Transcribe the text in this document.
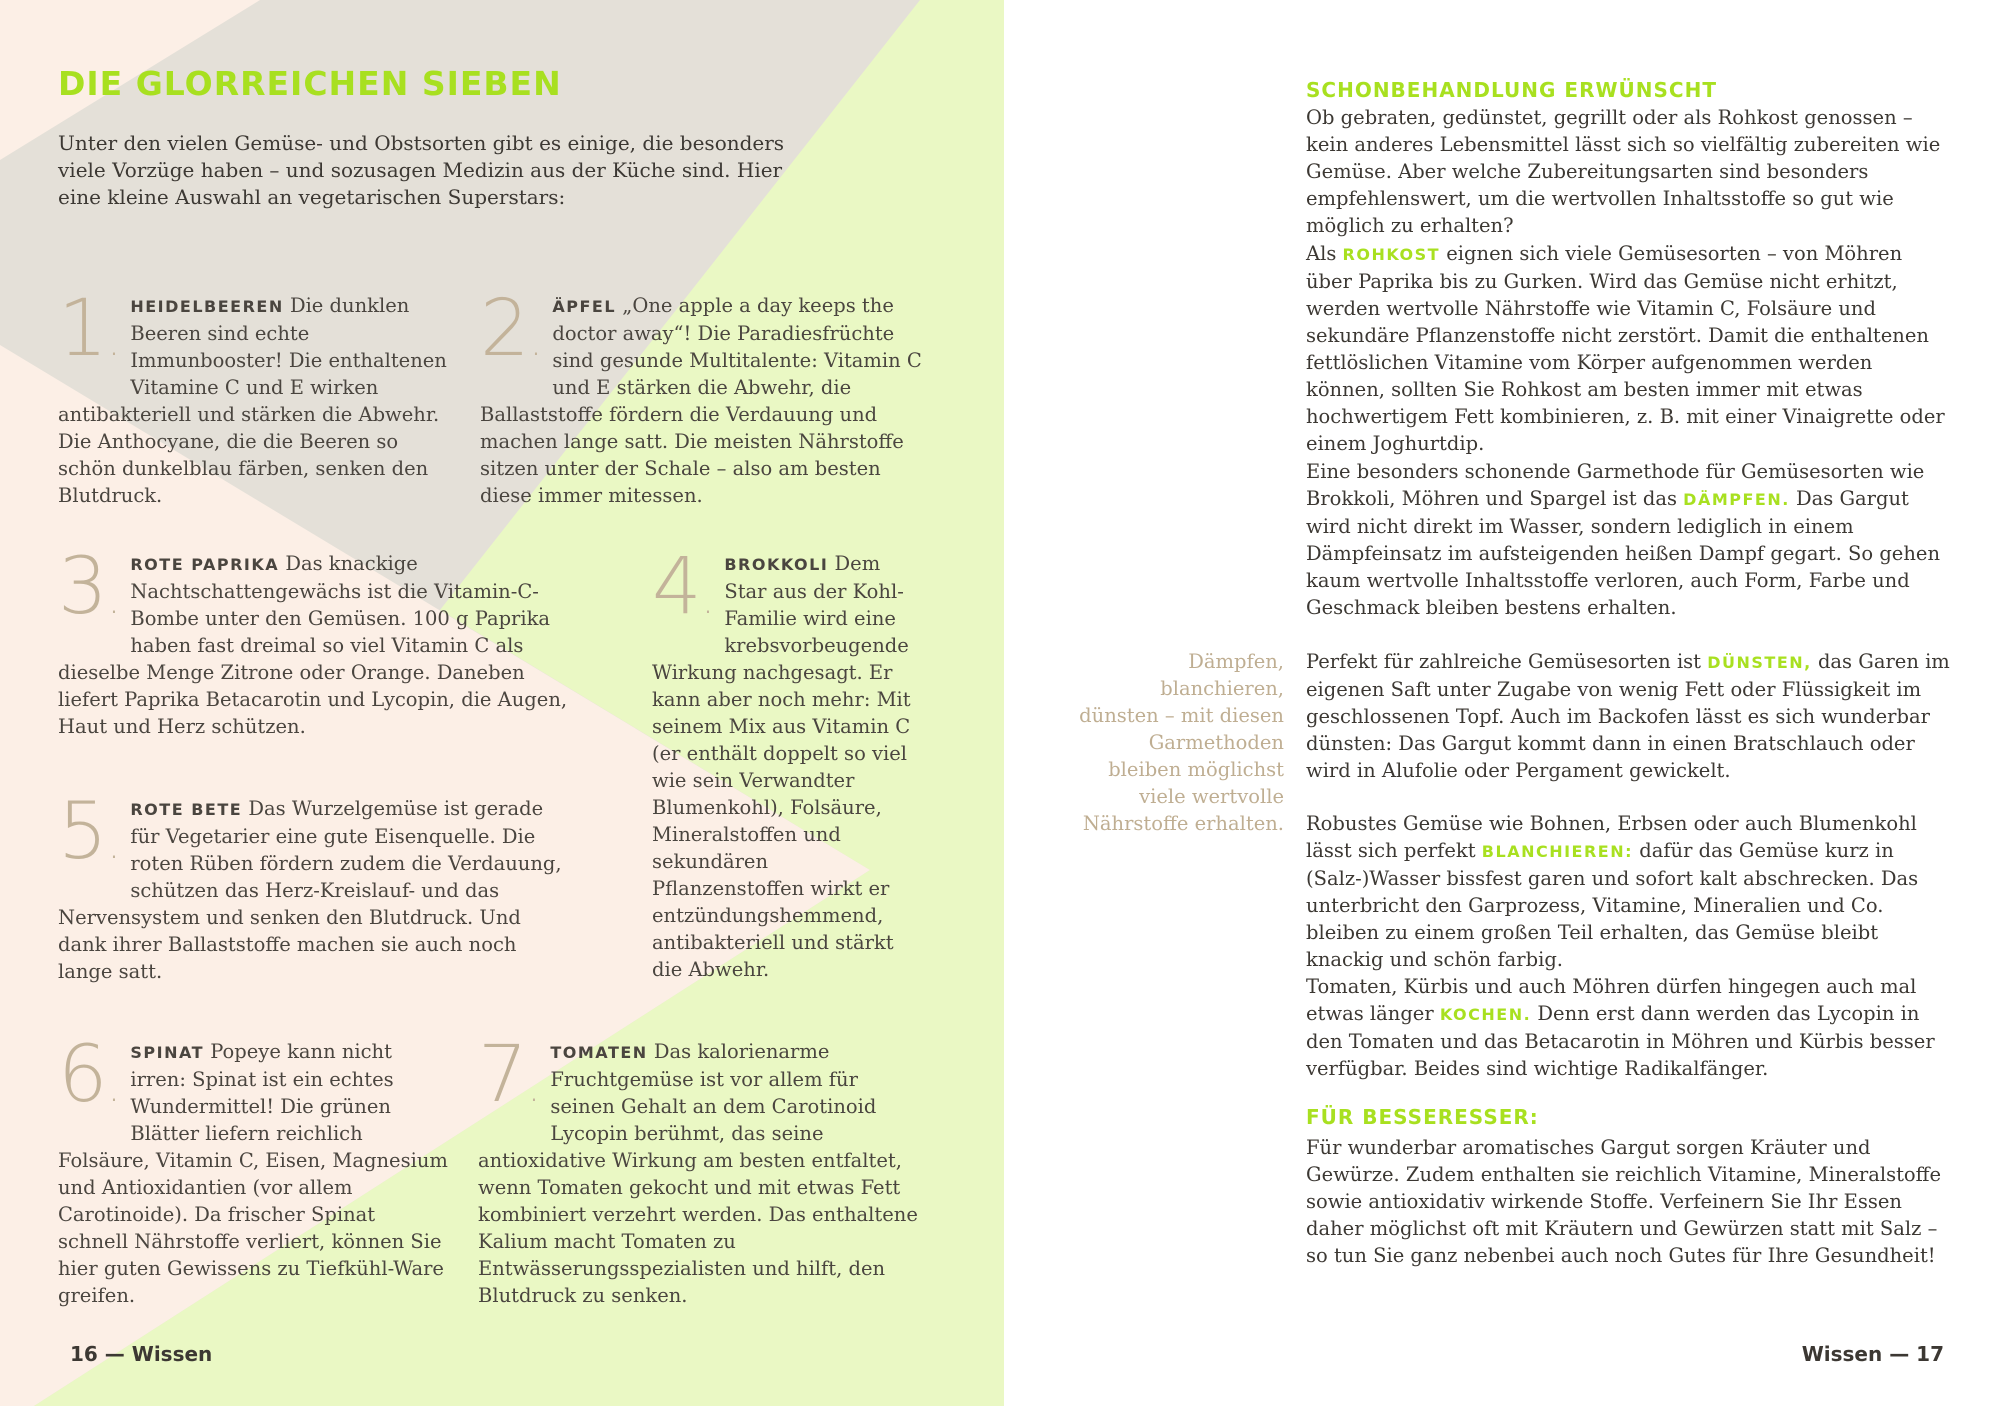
DIE GLORREICHEN SIEBEN

Unter den vielen Gemüse- und Obstsorten gibt es einige, die besonders viele Vorzüge haben – und sozusagen Medizin aus der Küche sind. Hier eine kleine Auswahl an vegetarischen Superstars:

1.
HEIDELBEEREN Die dunklen Beeren sind echte Immunbooster! Die enthaltenen Vitamine C und E wirken antibakteriell und stärken die Abwehr. Die Anthocyane, die die Beeren so schön dunkelblau färben, senken den Blutdruck.

2.
ÄPFEL „One apple a day keeps the doctor away“! Die Paradiesfrüchte sind gesunde Multitalente: Vitamin C und E stärken die Abwehr, die Ballaststoffe fördern die Verdauung und machen lange satt. Die meisten Nährstoffe sitzen unter der Schale – also am besten diese immer mitessen.

3.
ROTE PAPRIKA Das knackige Nachtschattengewächs ist die Vitamin-C-Bombe unter den Gemüsen. 100 g Paprika haben fast dreimal so viel Vitamin C als dieselbe Menge Zitrone oder Orange. Daneben liefert Paprika Betacarotin und Lycopin, die Augen, Haut und Herz schützen.

4.
BROKKOLI Dem Star aus der Kohl-Familie wird eine krebsvorbeugende Wirkung nachgesagt. Er kann aber noch mehr: Mit seinem Mix aus Vitamin C (er enthält doppelt so viel wie sein Verwandter Blumenkohl), Folsäure, Mineralstoffen und sekundären Pflanzenstoffen wirkt er entzündungshemmend, antibakteriell und stärkt die Abwehr.

5.
ROTE BETE Das Wurzelgemüse ist gerade für Vegetarier eine gute Eisenquelle. Die roten Rüben fördern zudem die Verdauung, schützen das Herz-Kreislauf- und das Nervensystem und senken den Blutdruck. Und dank ihrer Ballaststoffe machen sie auch noch lange satt.

6.
SPINAT Popeye kann nicht irren: Spinat ist ein echtes Wundermittel! Die grünen Blätter liefern reichlich Folsäure, Vitamin C, Eisen, Magnesium und Antioxidantien (vor allem Carotinoide). Da frischer Spinat schnell Nährstoffe verliert, können Sie hier guten Gewissens zu Tiefkühl-Ware greifen.

7.
TOMATEN Das kalorienarme Fruchtgemüse ist vor allem für seinen Gehalt an dem Carotinoid Lycopin berühmt, das seine antioxidative Wirkung am besten entfaltet, wenn Tomaten gekocht und mit etwas Fett kombiniert verzehrt werden. Das enthaltene Kalium macht Tomaten zu Entwässerungsspezialisten und hilft, den Blutdruck zu senken.

16 — Wissen

SCHONBEHANDLUNG ERWÜNSCHT

Ob gebraten, gedünstet, gegrillt oder als Rohkost genossen – kein anderes Lebensmittel lässt sich so vielfältig zubereiten wie Gemüse. Aber welche Zubereitungsarten sind besonders empfehlenswert, um die wertvollen Inhaltsstoffe so gut wie möglich zu erhalten?

Dämpfen, blanchieren, dünsten – mit diesen Garmethoden bleiben möglichst viele wertvolle Nährstoffe erhalten.

Als ROHKOST eignen sich viele Gemüsesorten – von Möhren über Paprika bis zu Gurken. Wird das Gemüse nicht erhitzt, werden wertvolle Nährstoffe wie Vitamin C, Folsäure und sekundäre Pflanzenstoffe nicht zerstört. Damit die enthaltenen fettlöslichen Vitamine vom Körper aufgenommen werden können, sollten Sie Rohkost am besten immer mit etwas hochwertigem Fett kombinieren, z. B. mit einer Vinaigrette oder einem Joghurtdip.

Eine besonders schonende Garmethode für Gemüsesorten wie Brokkoli, Möhren und Spargel ist das DÄMPFEN. Das Gargut wird nicht direkt im Wasser, sondern lediglich in einem Dämpfeinsatz im aufsteigenden heißen Dampf gegart. So gehen kaum wertvolle Inhaltsstoffe verloren, auch Form, Farbe und Geschmack bleiben bestens erhalten.

Perfekt für zahlreiche Gemüsesorten ist DÜNSTEN, das Garen im eigenen Saft unter Zugabe von wenig Fett oder Flüssigkeit im geschlossenen Topf. Auch im Backofen lässt es sich wunderbar dünsten: Das Gargut kommt dann in einen Bratschlauch oder wird in Alufolie oder Pergament gewickelt.

Robustes Gemüse wie Bohnen, Erbsen oder auch Blumenkohl lässt sich perfekt BLANCHIEREN: dafür das Gemüse kurz in (Salz-)Wasser bissfest garen und sofort kalt abschrecken. Das unterbricht den Garprozess, Vitamine, Mineralien und Co. bleiben zu einem großen Teil erhalten, das Gemüse bleibt knackig und schön farbig.

Tomaten, Kürbis und auch Möhren dürfen hingegen auch mal etwas länger KOCHEN. Denn erst dann werden das Lycopin in den Tomaten und das Betacarotin in Möhren und Kürbis besser verfügbar. Beides sind wichtige Radikalfänger.

FÜR BESSERESSER:

Für wunderbar aromatisches Gargut sorgen Kräuter und Gewürze. Zudem enthalten sie reichlich Vitamine, Mineralstoffe sowie antioxidativ wirkende Stoffe. Verfeinern Sie Ihr Essen daher möglichst oft mit Kräutern und Gewürzen statt mit Salz – so tun Sie ganz nebenbei auch noch Gutes für Ihre Gesundheit!

Wissen — 17
